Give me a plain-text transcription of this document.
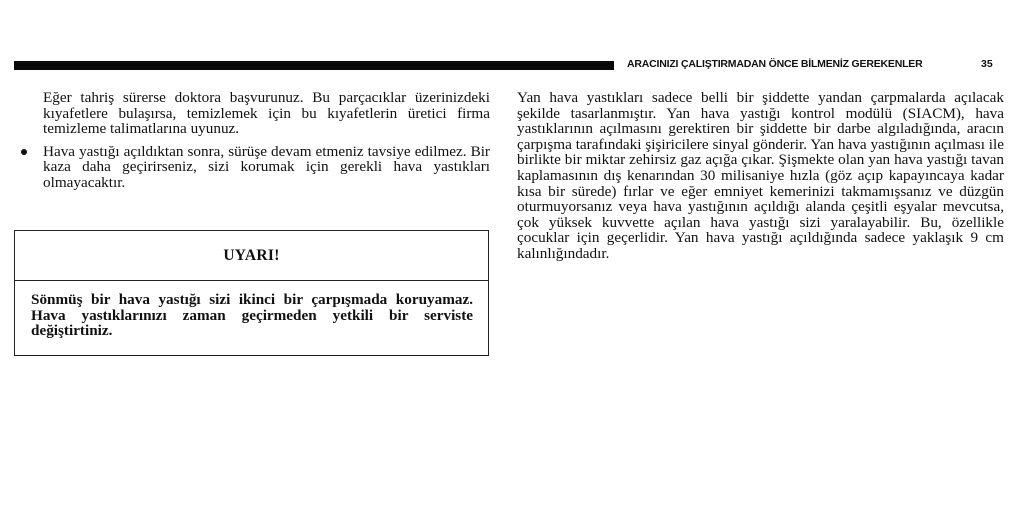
ARACINIZI ÇALIŞTIRMADAN ÖNCE BİLMENİZ GEREKENLER	35

Eğer tahriş sürerse doktora başvurunuz. Bu parçacıklar üzerinizdeki kıyafetlere bulaşırsa, temizlemek için bu kıyafetlerin üretici firma temizleme talimatlarına uyunuz.

Hava yastığı açıldıktan sonra, sürüşe devam etmeniz tavsiye edilmez. Bir kaza daha geçirirseniz, sizi korumak için gerekli hava yastıkları olmayacaktır.

UYARI!
Sönmüş bir hava yastığı sizi ikinci bir çarpışmada koruyamaz. Hava yastıklarınızı zaman geçirmeden yetkili bir serviste değiştirtiniz.

Yan hava yastıkları sadece belli bir şiddette yandan çarpmalarda açılacak şekilde tasarlanmıştır. Yan hava yastığı kontrol modülü (SIACM), hava yastıklarının açılmasını gerektiren bir şiddette bir darbe algıladığında, aracın çarpışma tarafındaki şişiricilere sinyal gönderir. Yan hava yastığının açılması ile birlikte bir miktar zehirsiz gaz açığa çıkar. Şişmekte olan yan hava yastığı tavan kaplamasının dış kenarından 30 milisaniye hızla (göz açıp kapayıncaya kadar kısa bir sürede) fırlar ve eğer emniyet kemerinizi takmamışsanız ve düzgün oturmuyorsanız veya hava yastığının açıldığı alanda çeşitli eşyalar mevcutsa, çok yüksek kuvvette açılan hava yastığı sizi yaralayabilir. Bu, özellikle çocuklar için geçerlidir. Yan hava yastığı açıldığında sadece yaklaşık 9 cm kalınlığındadır.
